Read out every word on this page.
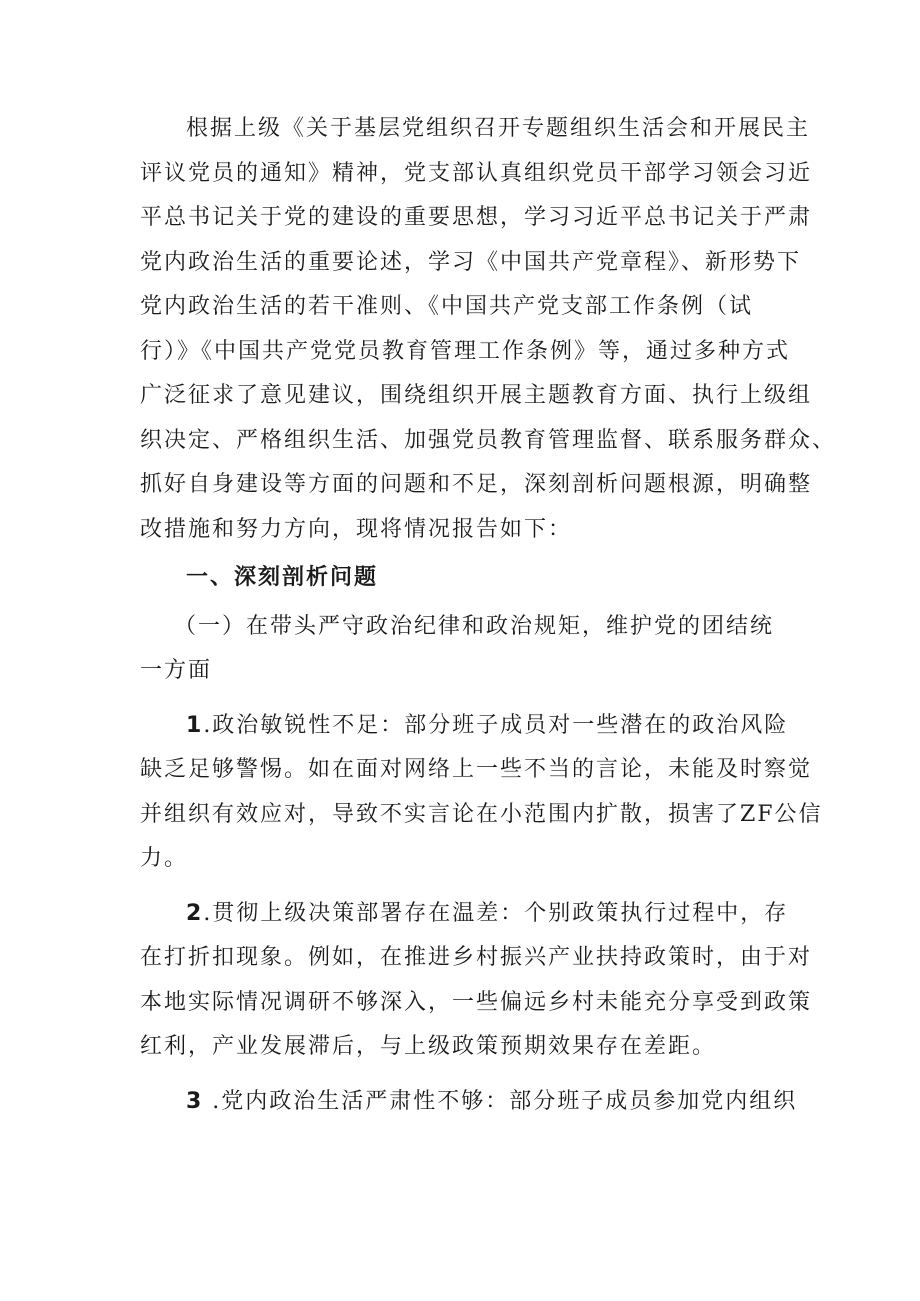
根据上级《关于基层党组织召开专题组织生活会和开展民主
评议党员的通知》精神，党支部认真组织党员干部学习领会习近
平总书记关于党的建设的重要思想，学习习近平总书记关于严肃
党内政治生活的重要论述，学习《中国共产党章程》、新形势下
党内政治生活的若干准则、《中国共产党支部工作条例（试
行）》《中国共产党党员教育管理工作条例》等，通过多种方式
广泛征求了意见建议，围绕组织开展主题教育方面、执行上级组
织决定、严格组织生活、加强党员教育管理监督、联系服务群众、
抓好自身建设等方面的问题和不足，深刻剖析问题根源，明确整
改措施和努力方向，现将情况报告如下：
一、深刻剖析问题
（一）在带头严守政治纪律和政治规矩，维护党的团结统
一方面
1.政治敏锐性不足：部分班子成员对一些潜在的政治风险
缺乏足够警惕。如在面对网络上一些不当的言论，未能及时察觉
并组织有效应对，导致不实言论在小范围内扩散，损害了ZF公信
力。
2.贯彻上级决策部署存在温差：个别政策执行过程中，存
在打折扣现象。例如，在推进乡村振兴产业扶持政策时，由于对
本地实际情况调研不够深入，一些偏远乡村未能充分享受到政策
红利，产业发展滞后，与上级政策预期效果存在差距。
3 .党内政治生活严肃性不够：部分班子成员参加党内组织
